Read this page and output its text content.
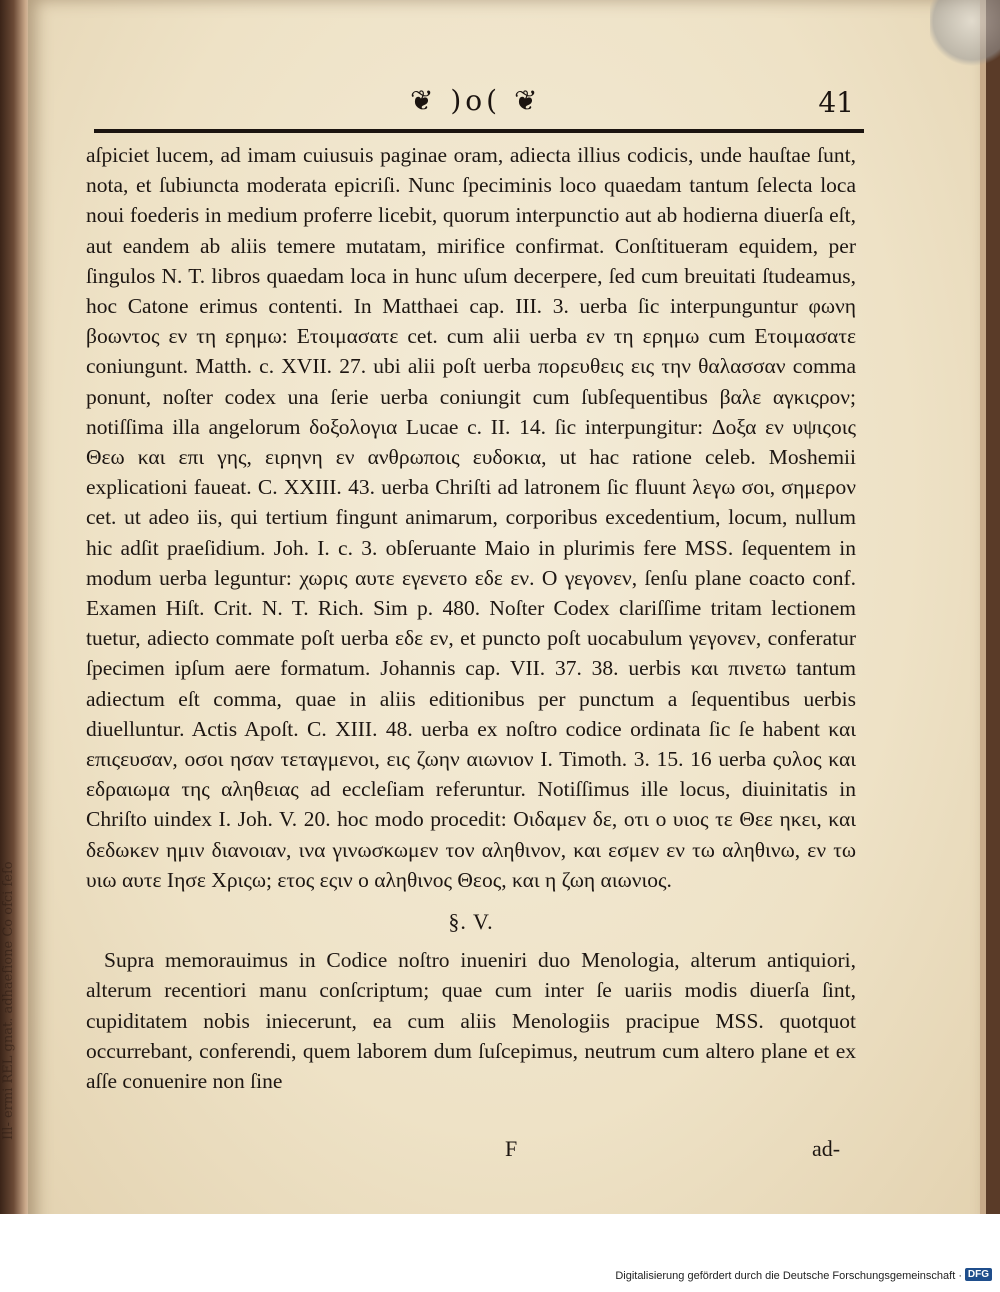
Ill- ermi REL gnat. adhaeſione Co ofci ſeſo
❦ )o( ❦	41

aſpiciet lucem, ad imam cuiusuis paginae oram, adiecta illius codicis, unde hauſtae ſunt, nota, et ſubiuncta moderata epicriſi. Nunc ſpeciminis loco quaedam tantum ſelecta loca noui foederis in medium proferre licebit, quorum interpunctio aut ab hodierna diuerſa eſt, aut eandem ab aliis temere mutatam, mirifice confirmat. Conſtitueram equidem, per ſingulos N. T. libros quaedam loca in hunc uſum decerpere, ſed cum breuitati ſtudeamus, hoc Catone erimus contenti. In Matthaei cap. III. 3. uerba ſic interpunguntur φωνη βοωντος εν τη ερημω: Ετοιμασατε cet. cum alii uerba εν τη ερημω cum Ετοιμασατε coniungunt. Matth. c. XVII. 27. ubi alii poſt uerba πορευθεις εις την θαλασσαν comma ponunt, noſter codex una ſerie uerba coniungit cum ſubſequentibus βαλε αγκιςρον; notiſſima illa angelorum δοξολογια Lucae c. II. 14. ſic interpungitur: Δοξα εν υψιςοις Θεω και επι γης, ειρηνη εν ανθρωποις ευδοκια, ut hac ratione celeb. Moshemii explicationi faueat. C. XXIII. 43. uerba Chriſti ad latronem ſic fluunt λεγω σοι, σημερον cet. ut adeo iis, qui tertium fingunt animarum, corporibus excedentium, locum, nullum hic adſit praeſidium. Joh. I. c. 3. obſeruante Maio in plurimis fere MSS. ſequentem in modum uerba leguntur: χωρις αυτε εγενετο εδε εν. Ο γεγονεν, ſenſu plane coacto conf. Examen Hiſt. Crit. N. T. Rich. Sim p. 480. Noſter Codex clariſſime tritam lectionem tuetur, adiecto commate poſt uerba εδε εν, et puncto poſt uocabulum γεγονεν, conferatur ſpecimen ipſum aere formatum. Johannis cap. VII. 37. 38. uerbis και πινετω tantum adiectum eſt comma, quae in aliis editionibus per punctum a ſequentibus uerbis diuelluntur. Actis Apoſt. C. XIII. 48. uerba ex noſtro codice ordinata ſic ſe habent και επιςευσαν, οσοι ησαν τεταγμενοι, εις ζωην αιωνιον I. Timoth. 3. 15. 16 uerba ςυλος και εδραιωμα της αληθειας ad eccleſiam referuntur. Notiſſimus ille locus, diuinitatis in Chriſto uindex I. Joh. V. 20. hoc modo procedit: Οιδαμεν δε, οτι ο υιος τε Θεε ηκει, και δεδωκεν ημιν διανοιαν, ινα γινωσκωμεν τον αληθινον, και εσμεν εν τω αληθινω, εν τω υιω αυτε Ιησε Χριςω; ετος εςιν ο αληθινος Θεος, και η ζωη αιωνιος.

§. V.

Supra memorauimus in Codice noſtro inueniri duo Menologia, alterum antiquiori, alterum recentiori manu conſcriptum; quae cum inter ſe uariis modis diuerſa ſint, cupiditatem nobis iniecerunt, ea cum aliis Menologiis pracipue MSS. quotquot occurrebant, conferendi, quem laborem dum ſuſcepimus, neutrum cum altero plane et ex aſſe conuenire non ſine

F	ad-
Digitalisierung gefördert durch die Deutsche Forschungsgemeinschaft · DFG
